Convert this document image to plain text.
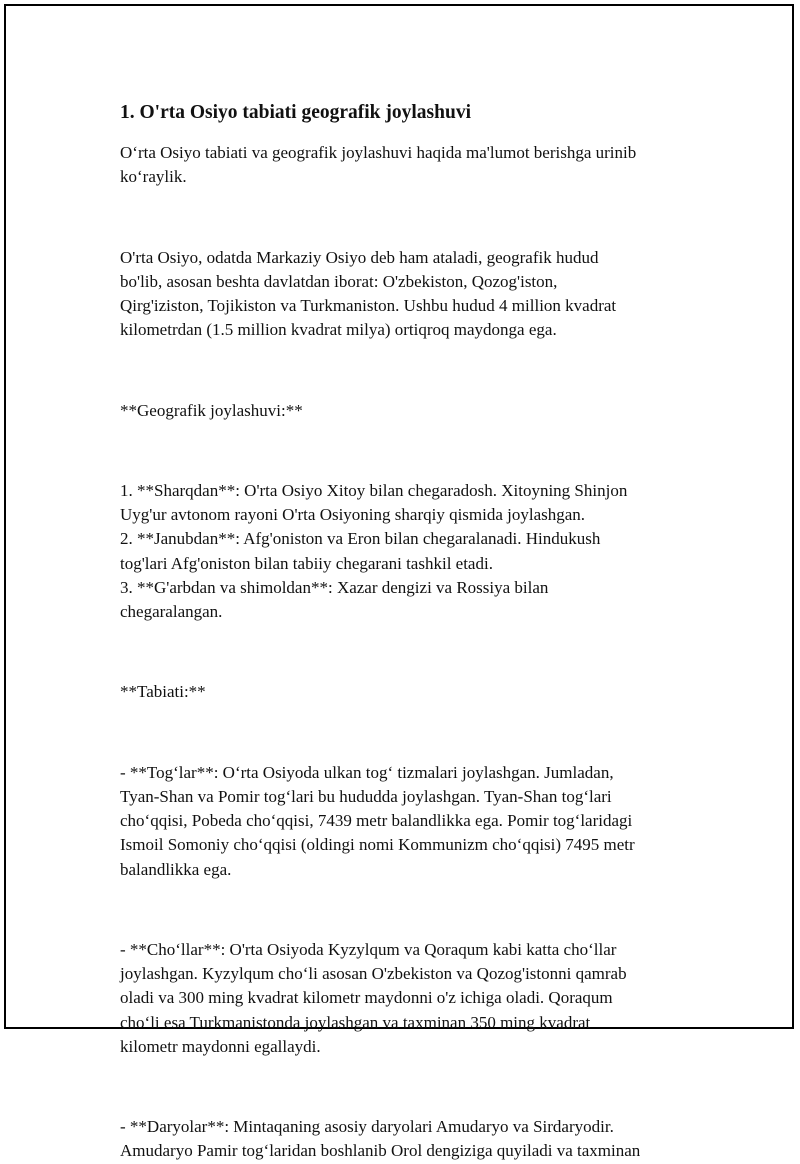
1. O'rta Osiyo tabiati geografik joylashuvi

O‘rta Osiyo tabiati va geografik joylashuvi haqida ma'lumot berishga urinib

ko‘raylik.

O'rta Osiyo, odatda Markaziy Osiyo deb ham ataladi, geografik hudud

bo'lib, asosan beshta davlatdan iborat: O'zbekiston, Qozog'iston,

Qirg'iziston, Tojikiston va Turkmaniston. Ushbu hudud 4 million kvadrat

kilometrdan (1.5 million kvadrat milya) ortiqroq maydonga ega.

**Geografik joylashuvi:**

1. **Sharqdan**: O'rta Osiyo Xitoy bilan chegaradosh. Xitoyning Shinjon

Uyg'ur avtonom rayoni O'rta Osiyoning sharqiy qismida joylashgan.

2. **Janubdan**: Afg'oniston va Eron bilan chegaralanadi. Hindukush

tog'lari Afg'oniston bilan tabiiy chegarani tashkil etadi.

3. **G'arbdan va shimoldan**: Xazar dengizi va Rossiya bilan

chegaralangan.

**Tabiati:**

- **Tog‘lar**: O‘rta Osiyoda ulkan tog‘ tizmalari joylashgan. Jumladan,

Tyan-Shan va Pomir tog‘lari bu hududda joylashgan. Tyan-Shan tog‘lari

cho‘qqisi, Pobeda cho‘qqisi, 7439 metr balandlikka ega. Pomir tog‘laridagi

Ismoil Somoniy cho‘qqisi (oldingi nomi Kommunizm cho‘qqisi) 7495 metr

balandlikka ega.

- **Cho‘llar**: O'rta Osiyoda Kyzylqum va Qoraqum kabi katta cho‘llar

joylashgan. Kyzylqum cho‘li asosan O'zbekiston va Qozog'istonni qamrab

oladi va 300 ming kvadrat kilometr maydonni o'z ichiga oladi. Qoraqum

cho‘li esa Turkmanistonda joylashgan va taxminan 350 ming kvadrat

kilometr maydonni egallaydi.

- **Daryolar**: Mintaqaning asosiy daryolari Amudaryo va Sirdaryodir.

Amudaryo Pamir tog‘laridan boshlanib Orol dengiziga quyiladi va taxminan
